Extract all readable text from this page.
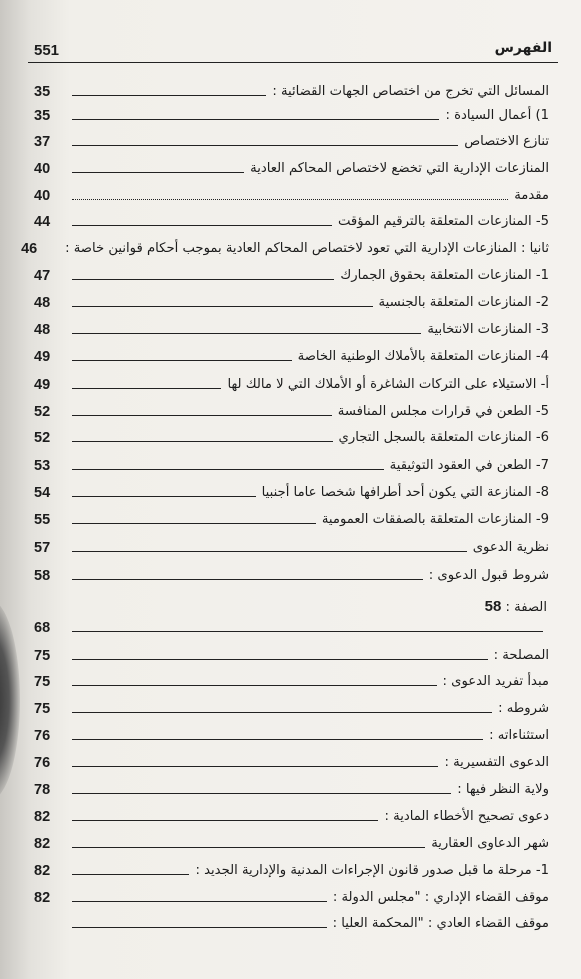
551	الفهرس
المسائل التي تخرج من اختصاص الجهات القضائية :
35
1) أعمال السيادة :
35
تنازع الاختصاص
37
المنازعات الإدارية التي تخضع لاختصاص المحاكم العادية
40
مقدمة
40
5- المنازعات المتعلقة بالترقيم المؤقت
44
ثانيا : المنازعات الإدارية التي تعود لاختصاص المحاكم العادية بموجب أحكام قوانين خاصة :
46
1- المنازعات المتعلقة بحقوق الجمارك
47
2- المنازعات المتعلقة بالجنسية
48
3- المنازعات الانتخابية
48
4- المنازعات المتعلقة بالأملاك الوطنية الخاصة
49
أ- الاستيلاء على التركات الشاغرة أو الأملاك التي لا مالك لها
49
5- الطعن في قرارات مجلس المنافسة
52
6- المنازعات المتعلقة بالسجل التجاري
52
7- الطعن في العقود التوثيقية
53
8- المنازعة التي يكون أحد أطرافها شخصا عاما أجنبيا
54
9- المنازعات المتعلقة بالصفقات العمومية
55
نظرية الدعوى
57
شروط قبول الدعوى :
58
الصفة : 58
68
المصلحة :
75
مبدأ تفريد الدعوى :
75
شروطه :
75
استثناءاته :
76
الدعوى التفسيرية :
76
ولاية النظر فيها :
78
دعوى تصحيح الأخطاء المادية :
82
شهر الدعاوى العقارية
82
1- مرحلة ما قبل صدور قانون الإجراءات المدنية والإدارية الجديد :
82
موقف القضاء الإداري : "مجلس الدولة :
82
موقف القضاء العادي : "المحكمة العليا :
